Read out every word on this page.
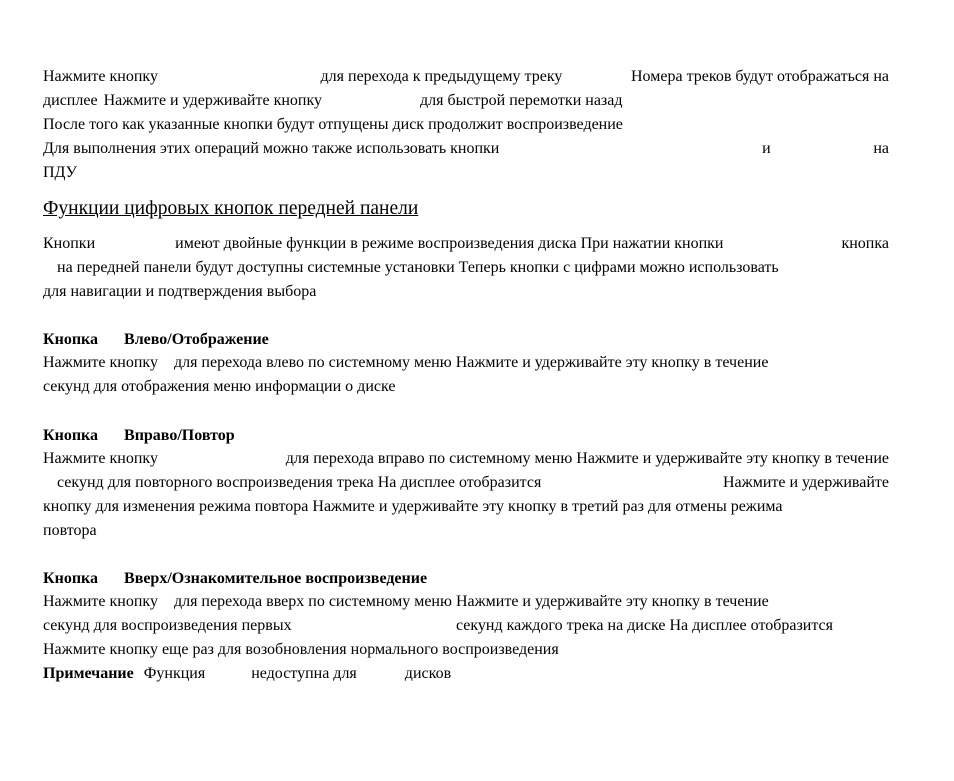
Нажмите кнопку	для перехода к предыдущему треку	Номера треков будут отображаться на
дисплее Нажмите и удерживайте кнопку	для быстрой перемотки назад
После того как указанные кнопки будут отпущены диск продолжит воспроизведение
Для выполнения этих операций можно также использовать кнопки	и	на
ПДУ
Функции цифровых кнопок передней панели
Кнопки	имеют двойные функции в режиме воспроизведения диска При нажатии кнопки	кнопка
на передней панели будут доступны системные установки Теперь кнопки с цифрами можно использовать
для навигации и подтверждения выбора
Кнопка Влево/Отображение
Нажмите кнопку для перехода влево по системному меню Нажмите и удерживайте эту кнопку в течение
секунд для отображения меню информации о диске
Кнопка Вправо/Повтор
Нажмите кнопку	для перехода вправо по системному меню Нажмите и удерживайте эту кнопку в течение
секунд для повторного воспроизведения трека На дисплее отобразится	Нажмите и удерживайте
кнопку для изменения режима повтора Нажмите и удерживайте эту кнопку в третий раз для отмены режима
повтора
Кнопка Вверх/Ознакомительное воспроизведение
Нажмите кнопку для перехода вверх по системному меню Нажмите и удерживайте эту кнопку в течение
секунд для воспроизведения первых	секунд каждого трека на диске На дисплее отобразится
Нажмите кнопку еще раз для возобновления нормального воспроизведения
Примечание Функция	недоступна для	дисков
